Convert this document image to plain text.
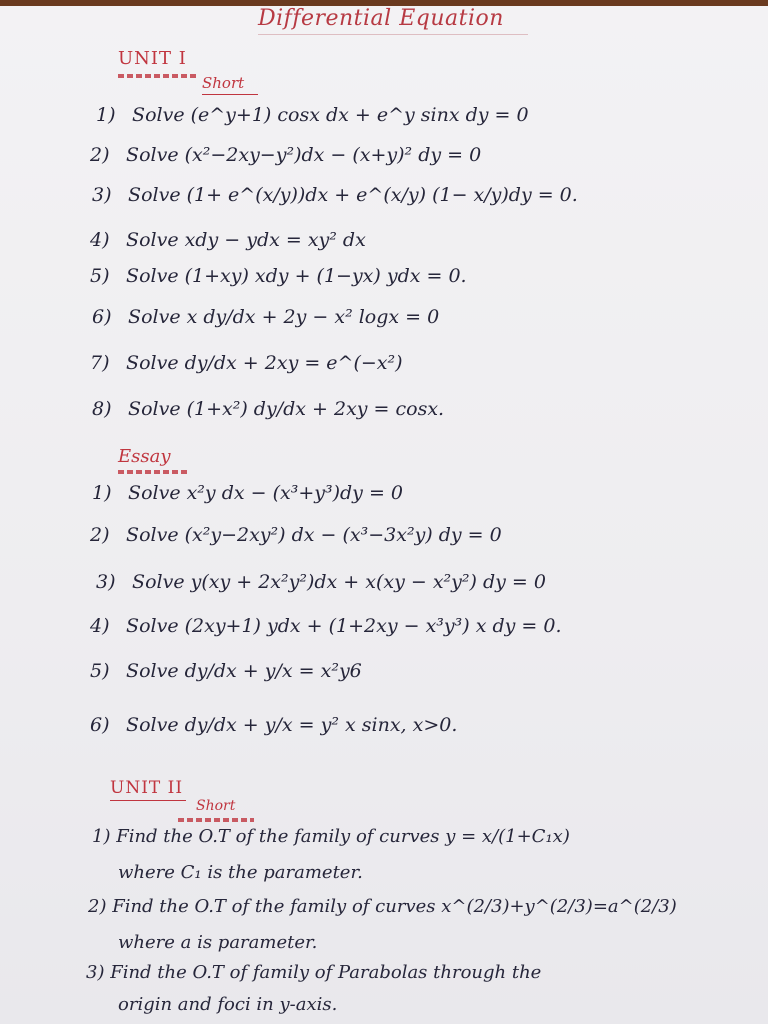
Differential Equation
UNIT I
Short
1) Solve (e^y+1) cosx dx + e^y sinx dy = 0
2) Solve (x²−2xy−y²)dx − (x+y)² dy = 0
3) Solve (1+ e^(x/y))dx + e^(x/y) (1− x/y)dy = 0.
4) Solve xdy − ydx = xy² dx
5) Solve (1+xy) xdy + (1−yx) ydx = 0.
6) Solve x dy/dx + 2y − x² logx = 0
7) Solve dy/dx + 2xy = e^(−x²)
8) Solve (1+x²) dy/dx + 2xy = cosx.
Essay
1) Solve x²y dx − (x³+y³)dy = 0
2) Solve (x²y−2xy²) dx − (x³−3x²y) dy = 0
3) Solve y(xy + 2x²y²)dx + x(xy − x²y²) dy = 0
4) Solve (2xy+1) ydx + (1+2xy − x³y³) x dy = 0.
5) Solve dy/dx + y/x = x²y6
6) Solve dy/dx + y/x = y² x sinx, x>0.
UNIT II
Short
1) Find the O.T of the family of curves y = x/(1+C₁x)
where C₁ is the parameter.
2) Find the O.T of the family of curves x^(2/3)+y^(2/3)=a^(2/3)
where a is parameter.
3) Find the O.T of family of Parabolas through the
origin and foci in y-axis.
